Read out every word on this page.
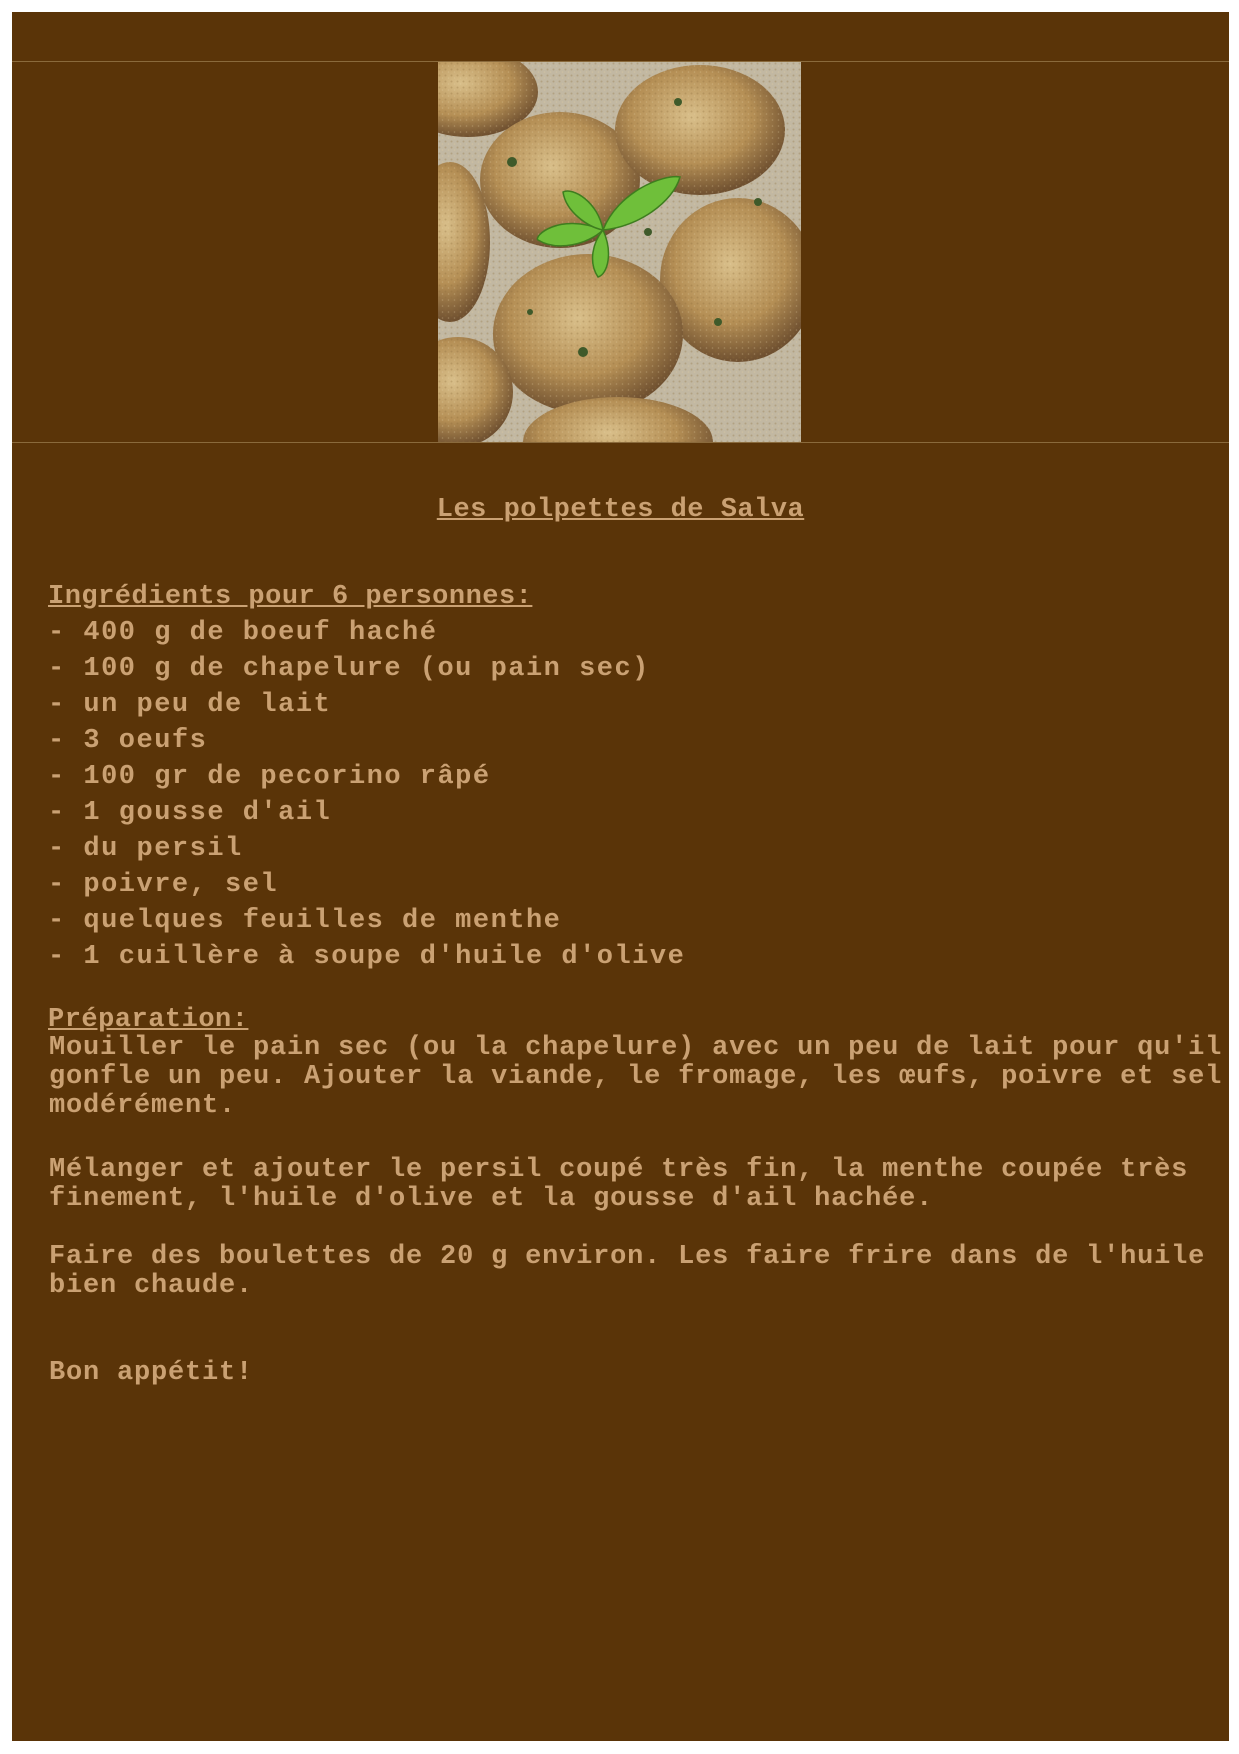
Les polpettes de Salva
Ingrédients pour 6 personnes:
- 400 g de boeuf haché
- 100 g de chapelure (ou pain sec)
- un peu de lait
- 3 oeufs
- 100 gr de pecorino râpé
- 1 gousse d'ail
- du persil
- poivre, sel
- quelques feuilles de menthe
- 1 cuillère à soupe d'huile d'olive
Préparation:

Mouiller le pain sec (ou la chapelure) avec un peu de lait pour qu'il gonfle un peu. Ajouter la viande, le fromage, les œufs, poivre et sel modérément.

Mélanger et ajouter le persil coupé très fin, la menthe coupée très finement, l'huile d'olive et la gousse d'ail hachée.

Faire des boulettes de 20 g environ. Les faire frire dans de l'huile bien chaude.

Bon appétit!
